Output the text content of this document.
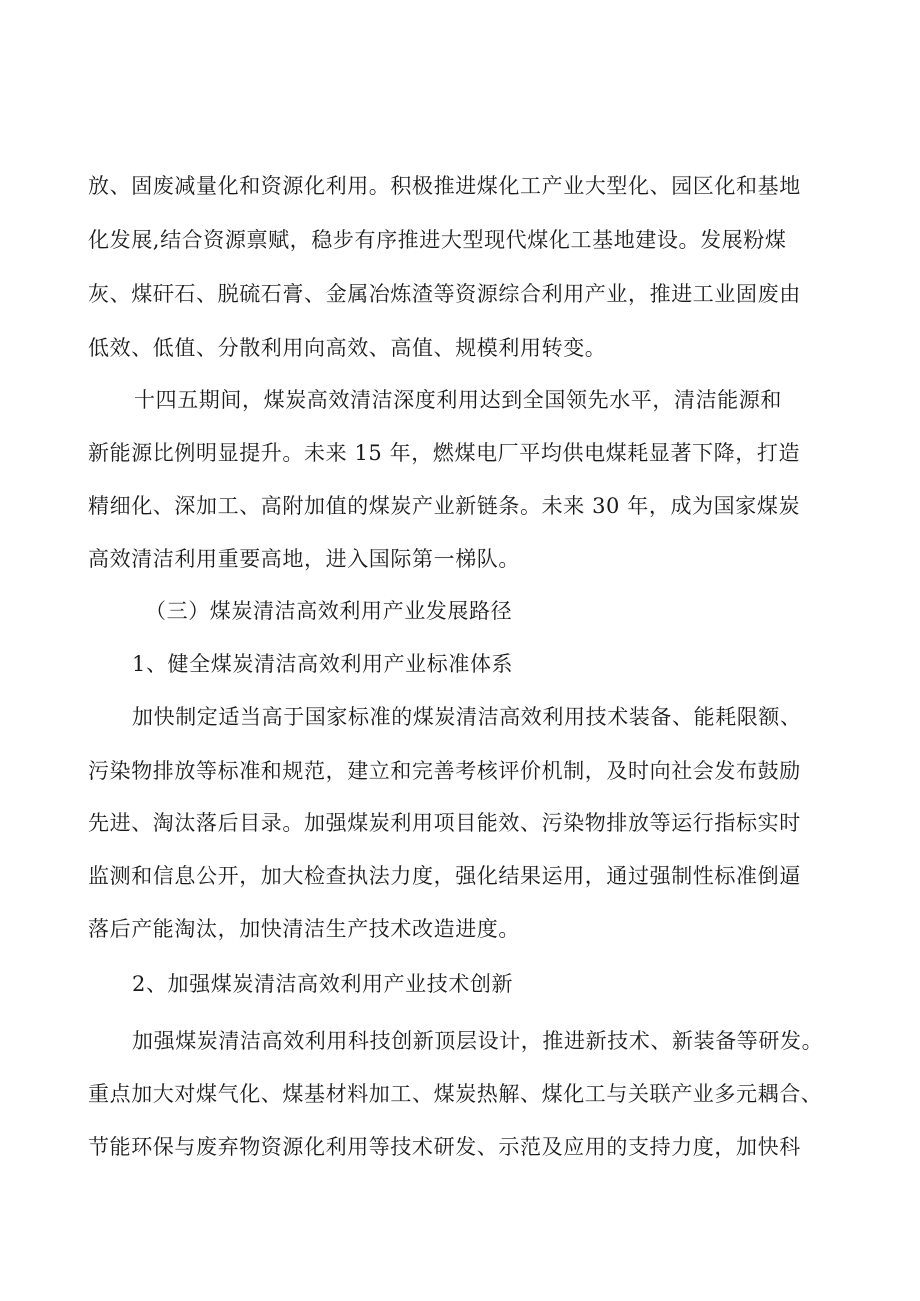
放、固废减量化和资源化利用。积极推进煤化工产业大型化、园区化和基地
化发展,结合资源禀赋，稳步有序推进大型现代煤化工基地建设。发展粉煤
灰、煤矸石、脱硫石膏、金属冶炼渣等资源综合利用产业，推进工业固废由
低效、低值、分散利用向高效、高值、规模利用转变。
十四五期间，煤炭高效清洁深度利用达到全国领先水平，清洁能源和
新能源比例明显提升。未来 15 年，燃煤电厂平均供电煤耗显著下降，打造
精细化、深加工、高附加值的煤炭产业新链条。未来 30 年，成为国家煤炭
高效清洁利用重要高地，进入国际第一梯队。
（三）煤炭清洁高效利用产业发展路径
1、健全煤炭清洁高效利用产业标准体系
加快制定适当高于国家标准的煤炭清洁高效利用技术装备、能耗限额、
污染物排放等标准和规范，建立和完善考核评价机制，及时向社会发布鼓励
先进、淘汰落后目录。加强煤炭利用项目能效、污染物排放等运行指标实时
监测和信息公开，加大检查执法力度，强化结果运用，通过强制性标准倒逼
落后产能淘汰，加快清洁生产技术改造进度。
2、加强煤炭清洁高效利用产业技术创新
加强煤炭清洁高效利用科技创新顶层设计，推进新技术、新装备等研发。
重点加大对煤气化、煤基材料加工、煤炭热解、煤化工与关联产业多元耦合、
节能环保与废弃物资源化利用等技术研发、示范及应用的支持力度，加快科
